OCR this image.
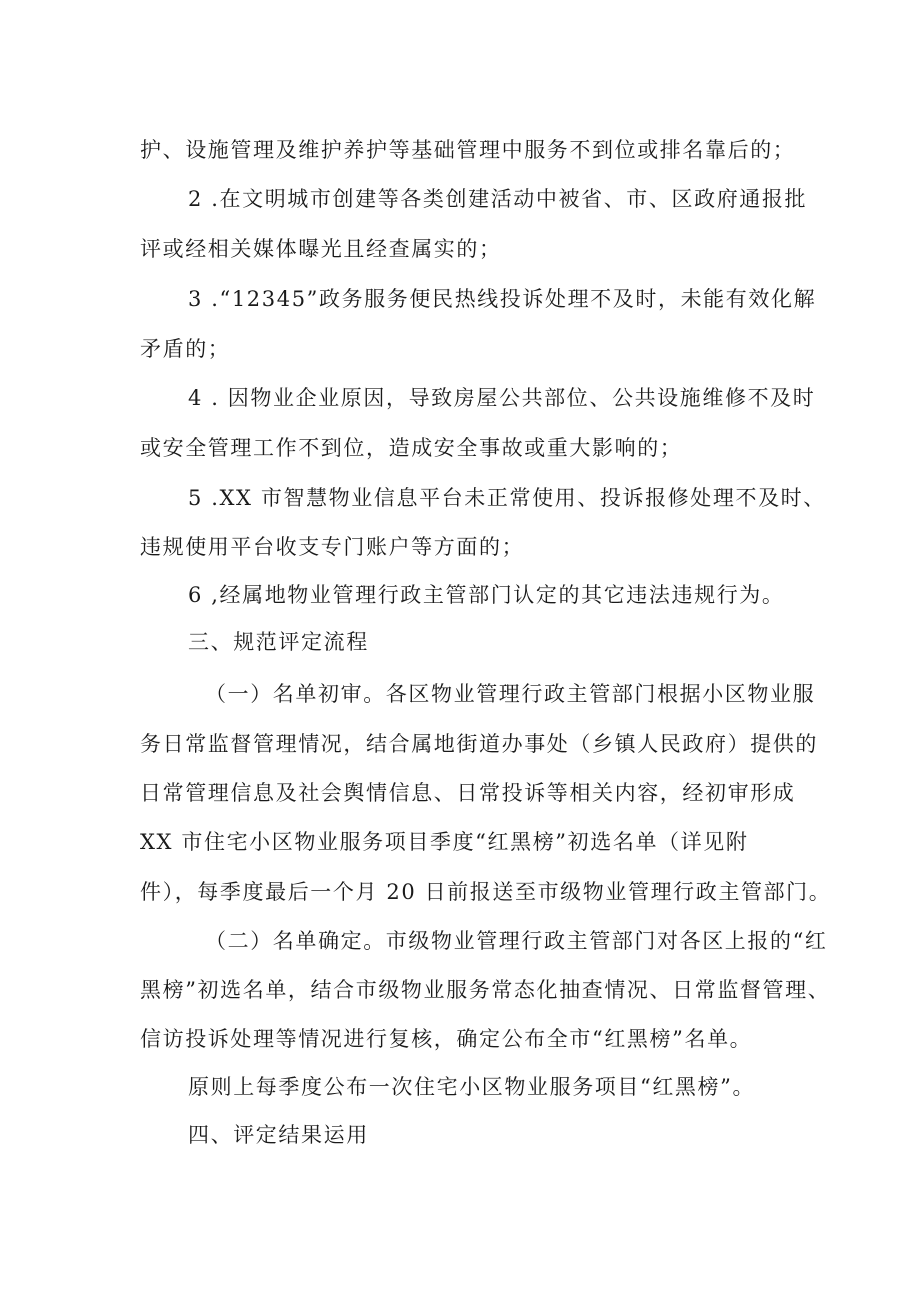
护、设施管理及维护养护等基础管理中服务不到位或排名靠后的；
2 .在文明城市创建等各类创建活动中被省、市、区政府通报批
评或经相关媒体曝光且经查属实的；
3 .“12345”政务服务便民热线投诉处理不及时，未能有效化解
矛盾的；
4 . 因物业企业原因，导致房屋公共部位、公共设施维修不及时
或安全管理工作不到位，造成安全事故或重大影响的；
5 .XX 市智慧物业信息平台未正常使用、投诉报修处理不及时、
违规使用平台收支专门账户等方面的；
6 ,经属地物业管理行政主管部门认定的其它违法违规行为。
三、规范评定流程
（一）名单初审。各区物业管理行政主管部门根据小区物业服
务日常监督管理情况，结合属地街道办事处（乡镇人民政府）提供的
日常管理信息及社会舆情信息、日常投诉等相关内容，经初审形成
XX 市住宅小区物业服务项目季度“红黑榜”初选名单（详见附
件），每季度最后一个月 20 日前报送至市级物业管理行政主管部门。
（二）名单确定。市级物业管理行政主管部门对各区上报的“红
黑榜”初选名单，结合市级物业服务常态化抽查情况、日常监督管理、
信访投诉处理等情况进行复核，确定公布全市“红黑榜”名单。
原则上每季度公布一次住宅小区物业服务项目“红黑榜”。
四、评定结果运用
